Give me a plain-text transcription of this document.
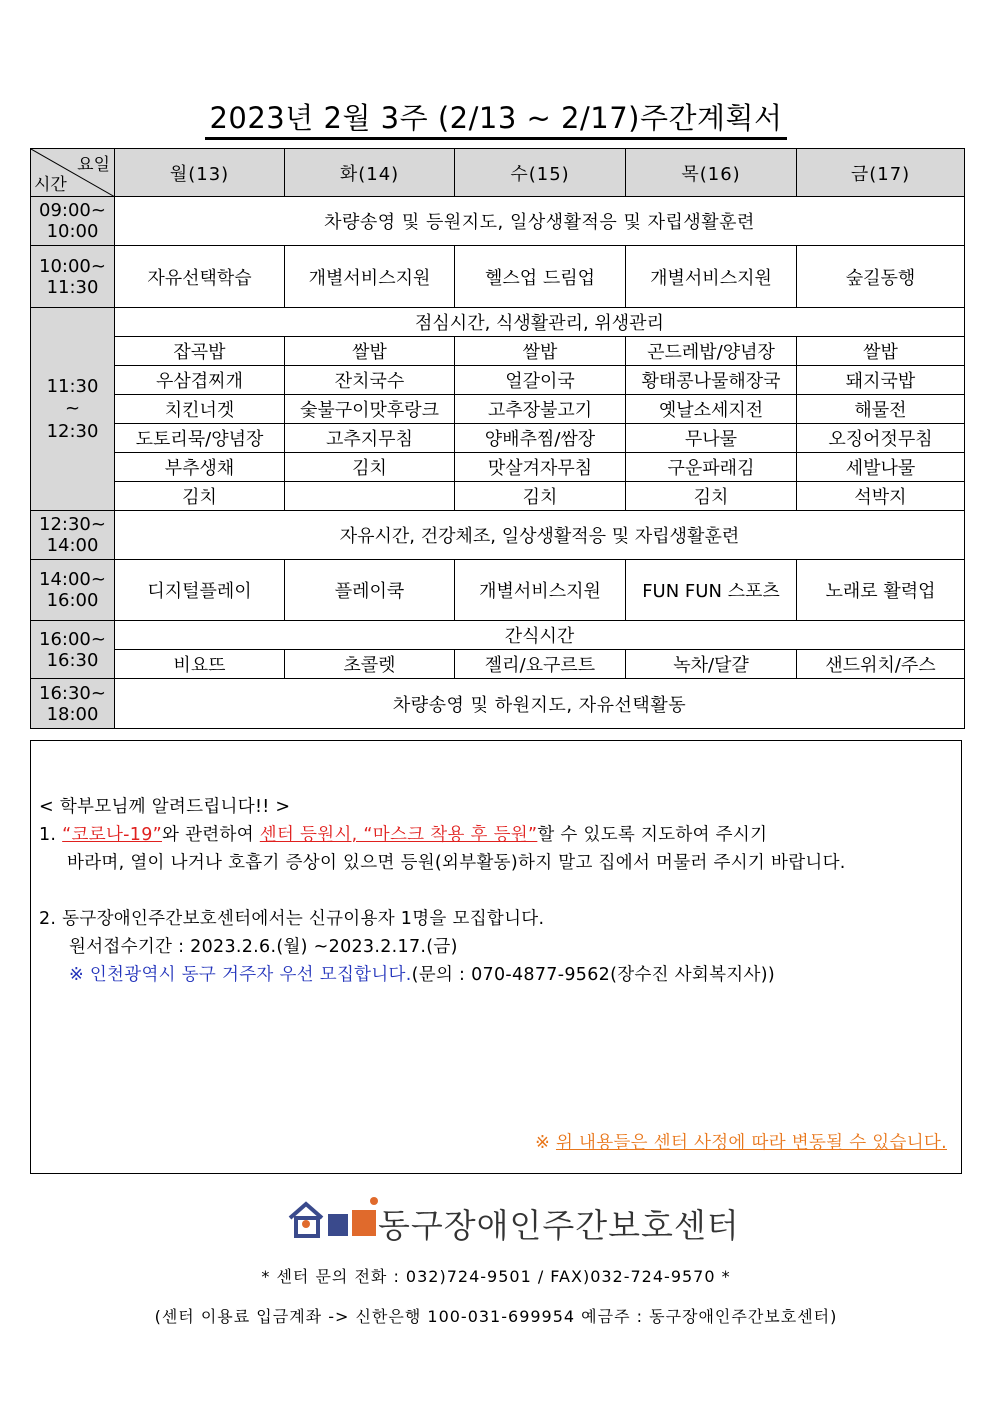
2023년 2월 3주 (2/13 ~ 2/17)주간계획서
요일
시간	월(13)	화(14)	수(15)	목(16)	금(17)

09:00~
10:00	차량송영 및 등원지도, 일상생활적응 및 자립생활훈련				

10:00~
11:30	자유선택학습	개별서비스지원	헬스업 드림업	개별서비스지원	숲길동행

11:30
~
12:30	점심시간, 식생활관리, 위생관리				
	잡곡밥	쌀밥	쌀밥	곤드레밥/양념장	쌀밥
	우삼겹찌개	잔치국수	얼갈이국	황태콩나물해장국	돼지국밥
	치킨너겟	숯불구이맛후랑크	고추장불고기	옛날소세지전	해물전
	도토리묵/양념장	고추지무침	양배추찜/쌈장	무나물	오징어젓무침
	부추생채	김치	맛살겨자무침	구운파래김	세발나물
	김치		김치	김치	석박지

12:30~
14:00	자유시간, 건강체조, 일상생활적응 및 자립생활훈련				

14:00~
16:00	디지털플레이	플레이쿡	개별서비스지원	FUN FUN 스포츠	노래로 활력업

16:00~
16:30	간식시간				
	비요뜨	초콜렛	젤리/요구르트	녹차/달걀	샌드위치/주스

16:30~
18:00	차량송영 및 하원지도, 자유선택활동				
< 학부모님께 알려드립니다!! >
1. “코로나-19”와 관련하여 센터 등원시, “마스크 착용 후 등원”할 수 있도록 지도하여 주시기
바라며, 열이 나거나 호흡기 증상이 있으면 등원(외부활동)하지 말고 집에서 머물러 주시기 바랍니다.
2. 동구장애인주간보호센터에서는 신규이용자 1명을 모집합니다.
원서접수기간 : 2023.2.6.(월) ~2023.2.17.(금)
※ 인천광역시 동구 거주자 우선 모집합니다.(문의 : 070-4877-9562(장수진 사회복지사))
※ 위 내용들은 센터 사정에 따라 변동될 수 있습니다.
동구장애인주간보호센터
* 센터 문의 전화 : 032)724-9501 / FAX)032-724-9570 *
(센터 이용료 입금계좌 -> 신한은행 100-031-699954 예금주 : 동구장애인주간보호센터)
